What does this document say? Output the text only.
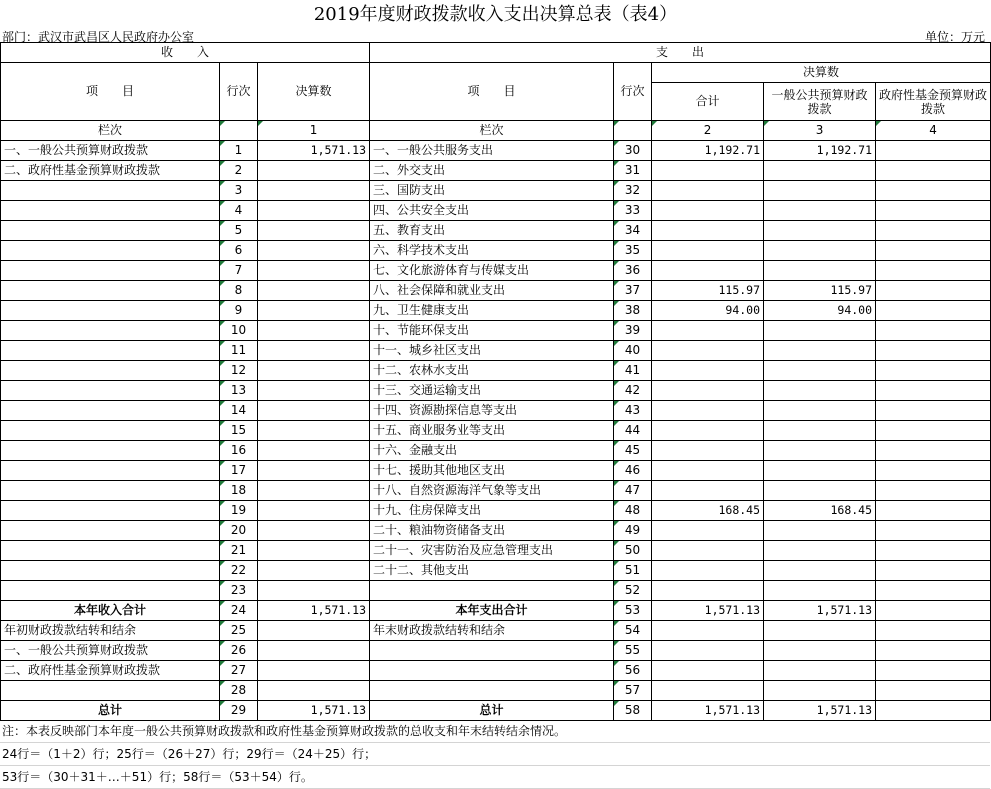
2019年度财政拨款收入支出决算总表（表4）
部门：武汉市武昌区人民政府办公室	单位：万元
收　　入			支　　出				
项　　目	行次	决算数	项　　目	行次	决算数		
					合计	一般公共预算财政拨款	政府性基金预算财政拨款
栏次		1	栏次		2	3	4
一、一般公共预算财政拨款	1	1,571.13	一、一般公共服务支出	30	1,192.71	1,192.71	
二、政府性基金预算财政拨款	2		二、外交支出	31			
	3		三、国防支出	32			
	4		四、公共安全支出	33			
	5		五、教育支出	34			
	6		六、科学技术支出	35			
	7		七、文化旅游体育与传媒支出	36			
	8		八、社会保障和就业支出	37	115.97	115.97	
	9		九、卫生健康支出	38	94.00	94.00	
	10		十、节能环保支出	39			
	11		十一、城乡社区支出	40			
	12		十二、农林水支出	41			
	13		十三、交通运输支出	42			
	14		十四、资源勘探信息等支出	43			
	15		十五、商业服务业等支出	44			
	16		十六、金融支出	45			
	17		十七、援助其他地区支出	46			
	18		十八、自然资源海洋气象等支出	47			
	19		十九、住房保障支出	48	168.45	168.45	
	20		二十、粮油物资储备支出	49			
	21		二十一、灾害防治及应急管理支出	50			
	22		二十二、其他支出	51			
	23			52			
本年收入合计	24	1,571.13	本年支出合计	53	1,571.13	1,571.13	
年初财政拨款结转和结余	25		年末财政拨款结转和结余	54			
一、一般公共预算财政拨款	26			55			
二、政府性基金预算财政拨款	27			56			
	28			57			
总计	29	1,571.13	总计	58	1,571.13	1,571.13	
注：本表反映部门本年度一般公共预算财政拨款和政府性基金预算财政拨款的总收支和年末结转结余情况。
24行＝（1＋2）行；25行＝（26＋27）行；29行＝（24＋25）行；
53行＝（30＋31＋…＋51）行；58行＝（53＋54）行。
